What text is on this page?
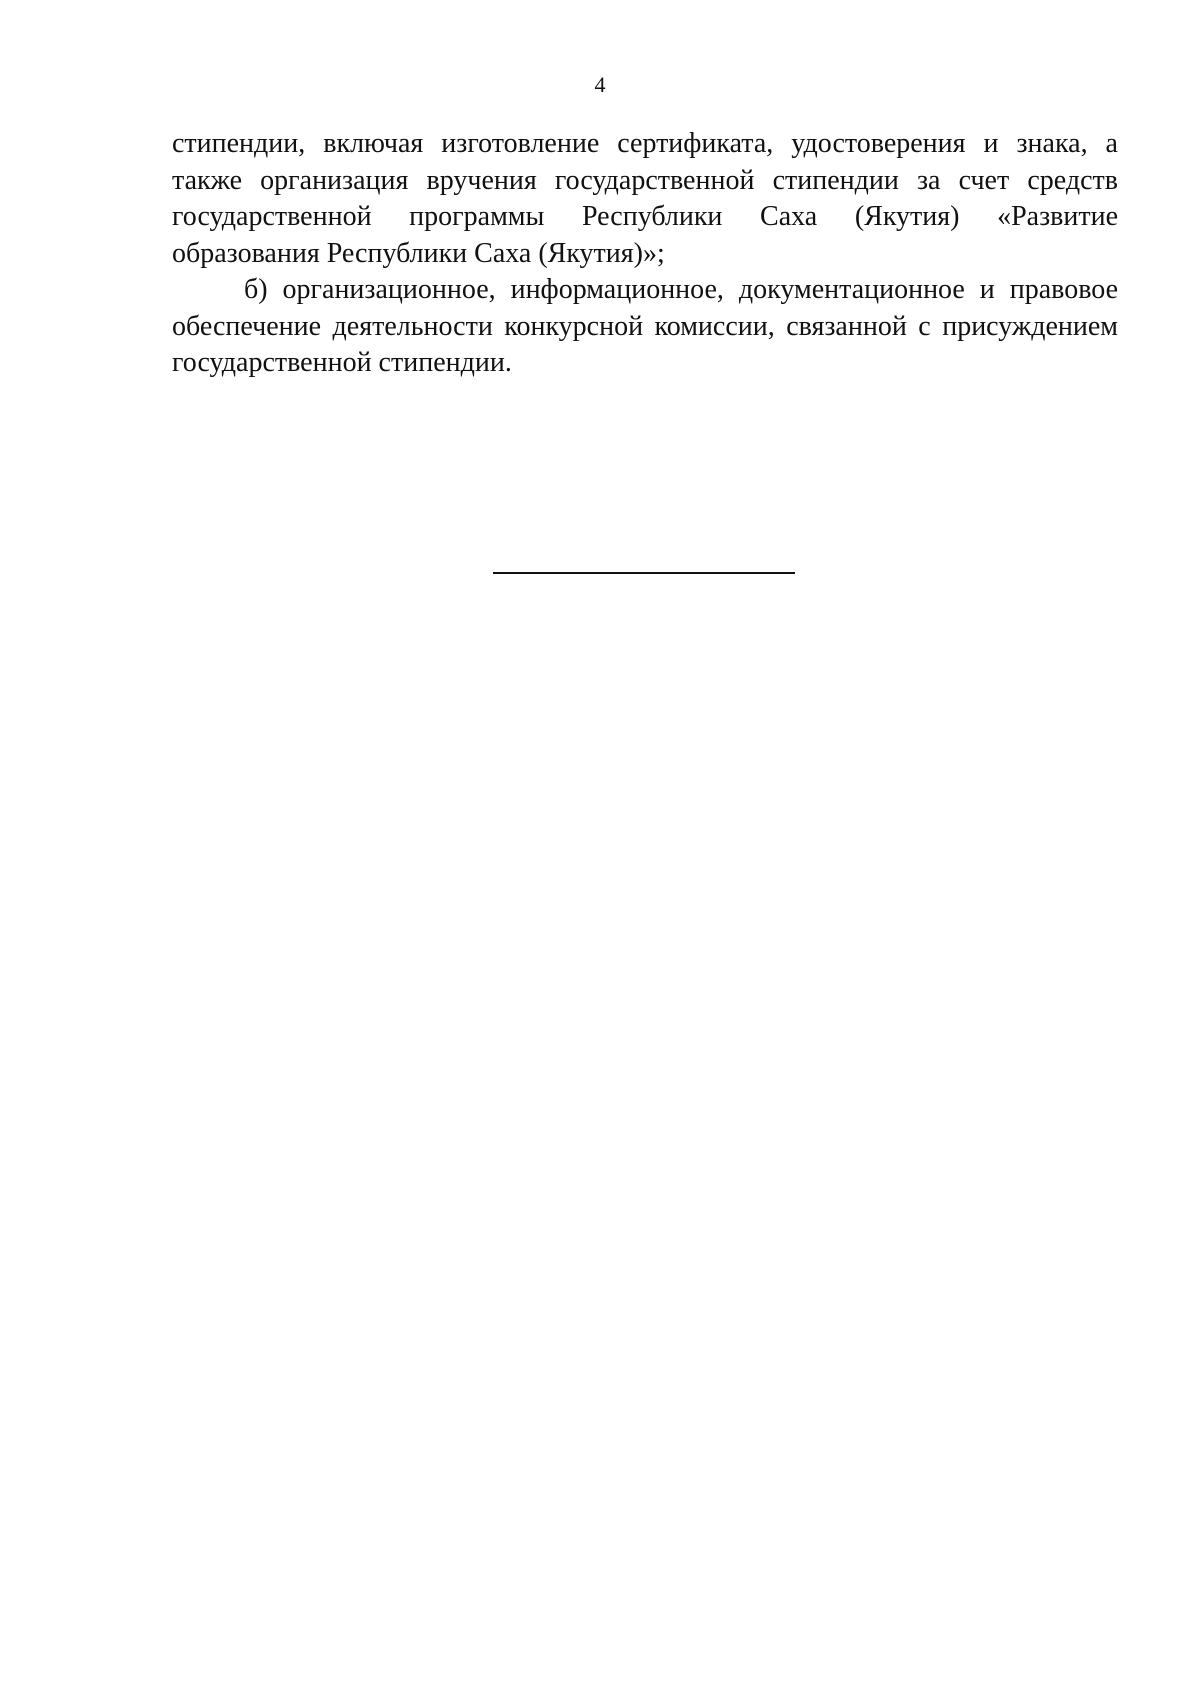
4

стипендии, включая изготовление сертификата, удостоверения и знака, а также организация вручения государственной стипендии за счет средств государственной программы Республики Саха (Якутия) «Развитие образования Республики Саха (Якутия)»;

б) организационное, информационное, документационное и правовое обеспечение деятельности конкурсной комиссии, связанной с присуждением государственной стипендии.
